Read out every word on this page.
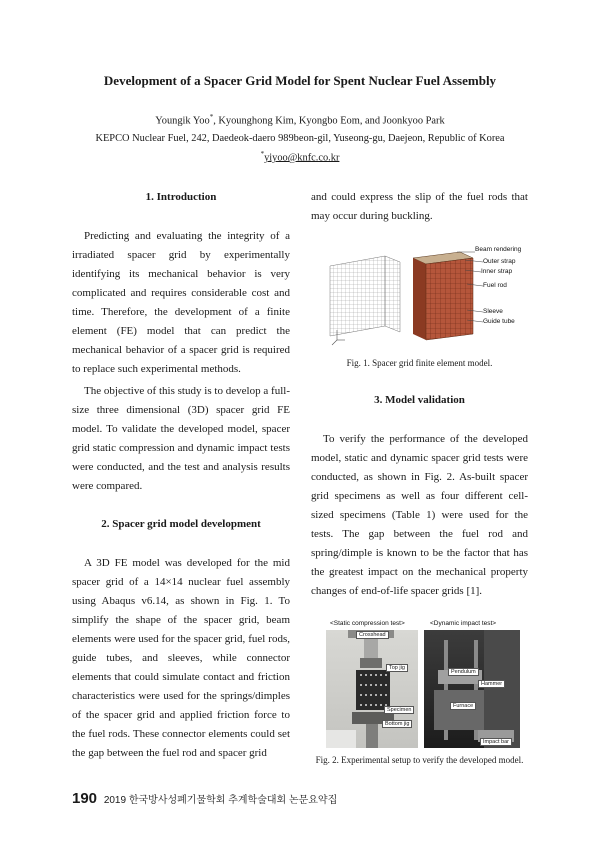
Development of a Spacer Grid Model for Spent Nuclear Fuel Assembly
Youngik Yoo*, Kyounghong Kim, Kyongbo Eom, and Joonkyoo Park
KEPCO Nuclear Fuel, 242, Daedeok-daero 989beon-gil, Yuseong-gu, Daejeon, Republic of Korea
*yiyoo@knfc.co.kr
1. Introduction

Predicting and evaluating the integrity of a irradiated spacer grid by experimentally identifying its mechanical behavior is very complicated and requires considerable cost and time. Therefore, the development of a finite element (FE) model that can predict the mechanical behavior of a spacer grid is required to replace such experimental methods.

The objective of this study is to develop a full-size three dimensional (3D) spacer grid FE model. To validate the developed model, spacer grid static compression and dynamic impact tests were conducted, and the test and analysis results were compared.

2. Spacer grid model development

A 3D FE model was developed for the mid spacer grid of a 14×14 nuclear fuel assembly using Abaqus v6.14, as shown in Fig. 1. To simplify the shape of the spacer grid, beam elements were used for the spacer grid, fuel rods, guide tubes, and sleeves, while connector elements that could simulate contact and friction characteristics were used for the springs/dimples of the spacer grid and applied friction force to the fuel rods. These connector elements could set the gap between the fuel rod and spacer grid

and could express the slip of the fuel rods that may occur during buckling.

Beam rendering
Outer strap
Inner strap
Fuel rod
Sleeve
Guide tube
Fig. 1. Spacer grid finite element model.
3. Model validation

To verify the performance of the developed model, static and dynamic spacer grid tests were conducted, as shown in Fig. 2. As-built spacer grid specimens as well as four different cell-sized specimens (Table 1) were used for the tests. The gap between the fuel rod and spring/dimple is known to be the factor that has the greatest impact on the mechanical property changes of end-of-life spacer grids [1].

<Static compression test>	<Dynamic impact test>
Crosshead
Top jig
Specimen
Bottom jig
Pendulum
Hammer
Furnace
Impact bar
Fig. 2. Experimental setup to verify the developed model.
190 2019 한국방사성폐기물학회 추계학술대회 논문요약집
